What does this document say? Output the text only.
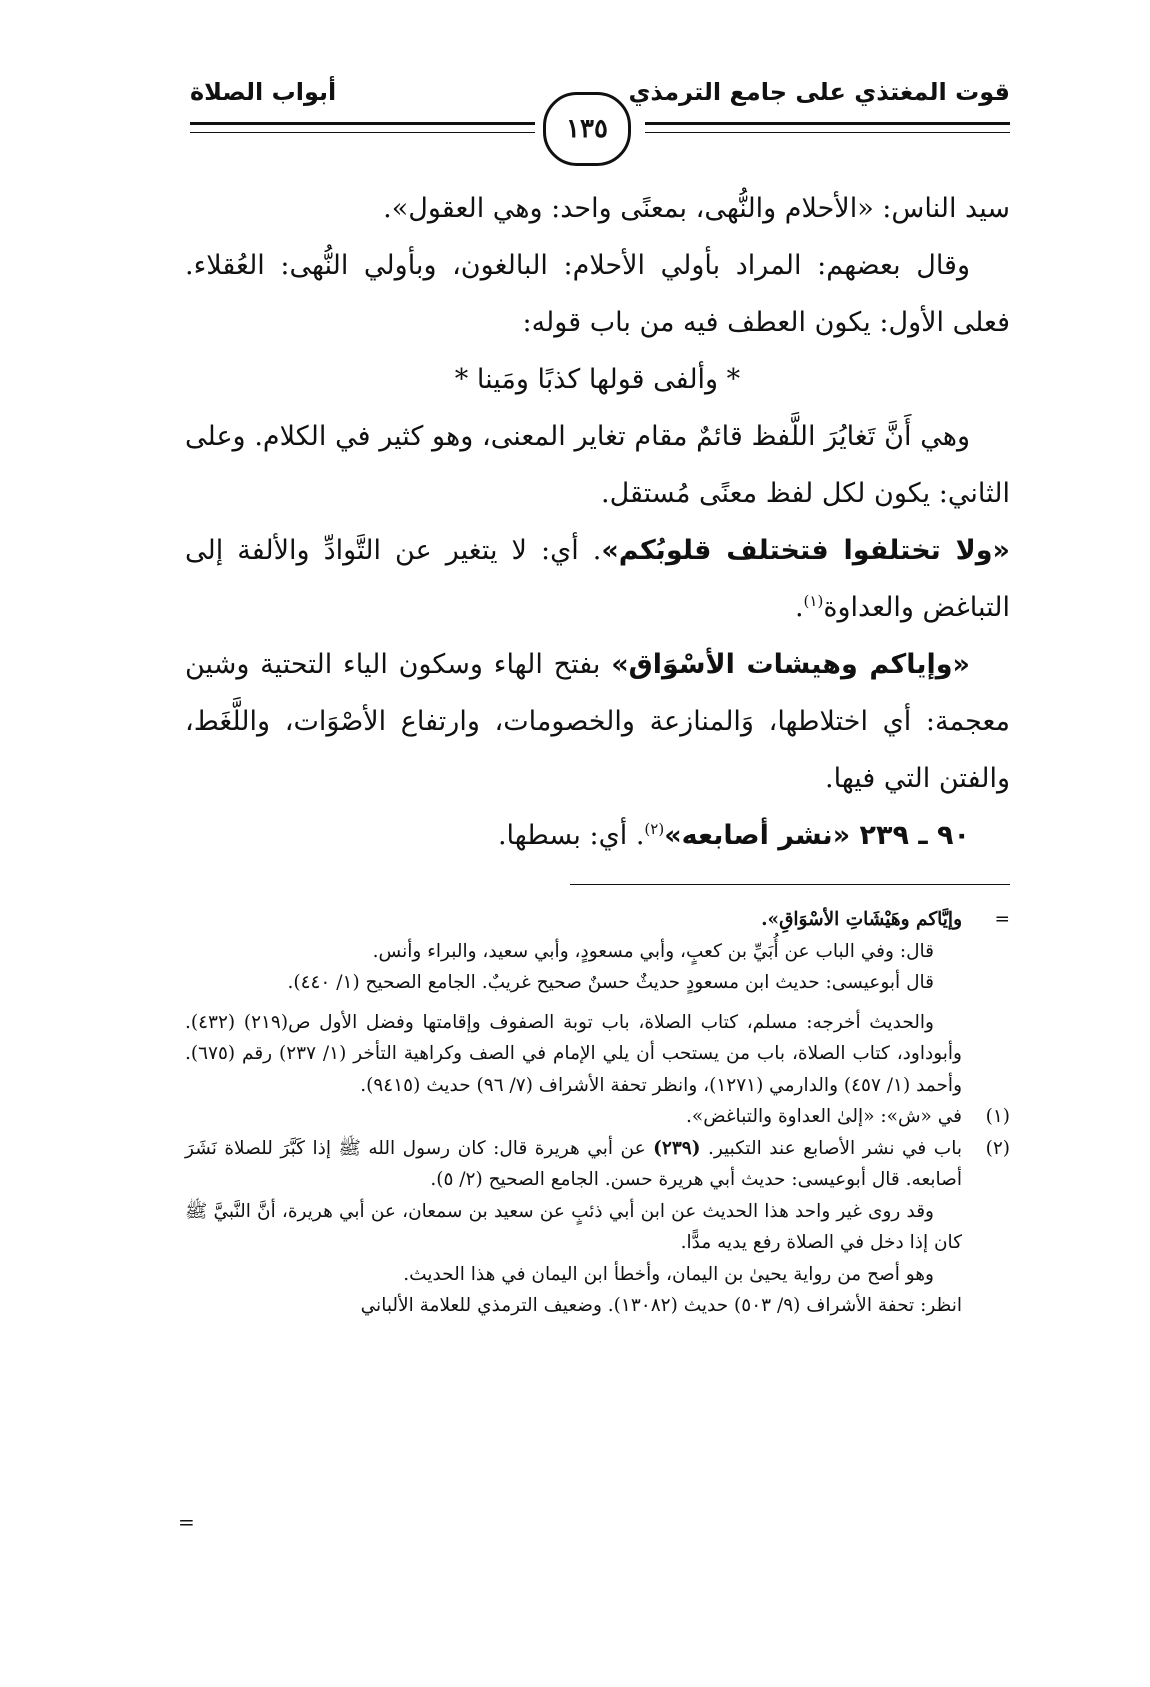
قوت المغتذي على جامع الترمذي
أبواب الصلاة
١٣٥

سيد الناس: «الأحلام والنُّهى، بمعنًى واحد: وهي العقول».

وقال بعضهم: المراد بأولي الأحلام: البالغون، وبأولي النُّهى: العُقلاء. فعلى الأول: يكون العطف فيه من باب قوله:

* وألفى قولها كذبًا ومَينا *

وهي أَنَّ تَغايُرَ اللَّفظ قائمٌ مقام تغاير المعنى، وهو كثير في الكلام. وعلى الثاني: يكون لكل لفظ معنًى مُستقل.

«ولا تختلفوا فتختلف قلوبُكم». أي: لا يتغير عن التَّوادِّ والألفة إلى التباغض والعداوة$^{(١)}$.

«وإياكم وهيشات الأسْوَاق» بفتح الهاء وسكون الياء التحتية وشين معجمة: أي اختلاطها، وَالمنازعة والخصومات، وارتفاع الأصْوَات، واللَّغَط، والفتن التي فيها.

٩٠ ـ ٢٣٩ «نشر أصابعه»$^{(٢)}$. أي: بسطها.

=

وإيَّاكم وهَيْشَاتِ الأسْوَاقِ».

قال: وفي الباب عن أُبَيِّ بن كعبٍ، وأبي مسعودٍ، وأبي سعيد، والبراء وأنس.

قال أبوعيسى: حديث ابن مسعودٍ حديثٌ حسنٌ صحيح غريبٌ. الجامع الصحيح (١/ ٤٤٠).

والحديث أخرجه: مسلم، كتاب الصلاة، باب توبة الصفوف وإقامتها وفضل الأول ص(٢١٩) (٤٣٢). وأبوداود، كتاب الصلاة، باب من يستحب أن يلي الإمام في الصف وكراهية التأخر (١/ ٢٣٧) رقم (٦٧٥). وأحمد (١/ ٤٥٧) والدارمي (١٢٧١)، وانظر تحفة الأشراف (٧/ ٩٦) حديث (٩٤١٥).

(١)

في «ش»: «إلىٰ العداوة والتباغض».

(٢)

باب في نشر الأصابع عند التكبير. (٢٣٩) عن أبي هريرة قال: كان رسول الله ﷺ إذا كَبَّرَ للصلاة نَشَرَ أصابعه. قال أبوعيسى: حديث أبي هريرة حسن. الجامع الصحيح (٢/ ٥).

وقد روى غير واحد هذا الحديث عن ابن أبي ذئبٍ عن سعيد بن سمعان، عن أبي هريرة، أنَّ النَّبيَّ ﷺ كان إذا دخل في الصلاة رفع يديه مدًّا.

وهو أصح من رواية يحيىٰ بن اليمان، وأخطأ ابن اليمان في هذا الحديث.

انظر: تحفة الأشراف (٩/ ٥٠٣) حديث (١٣٠٨٢). وضعيف الترمذي للعلامة الألباني

=
